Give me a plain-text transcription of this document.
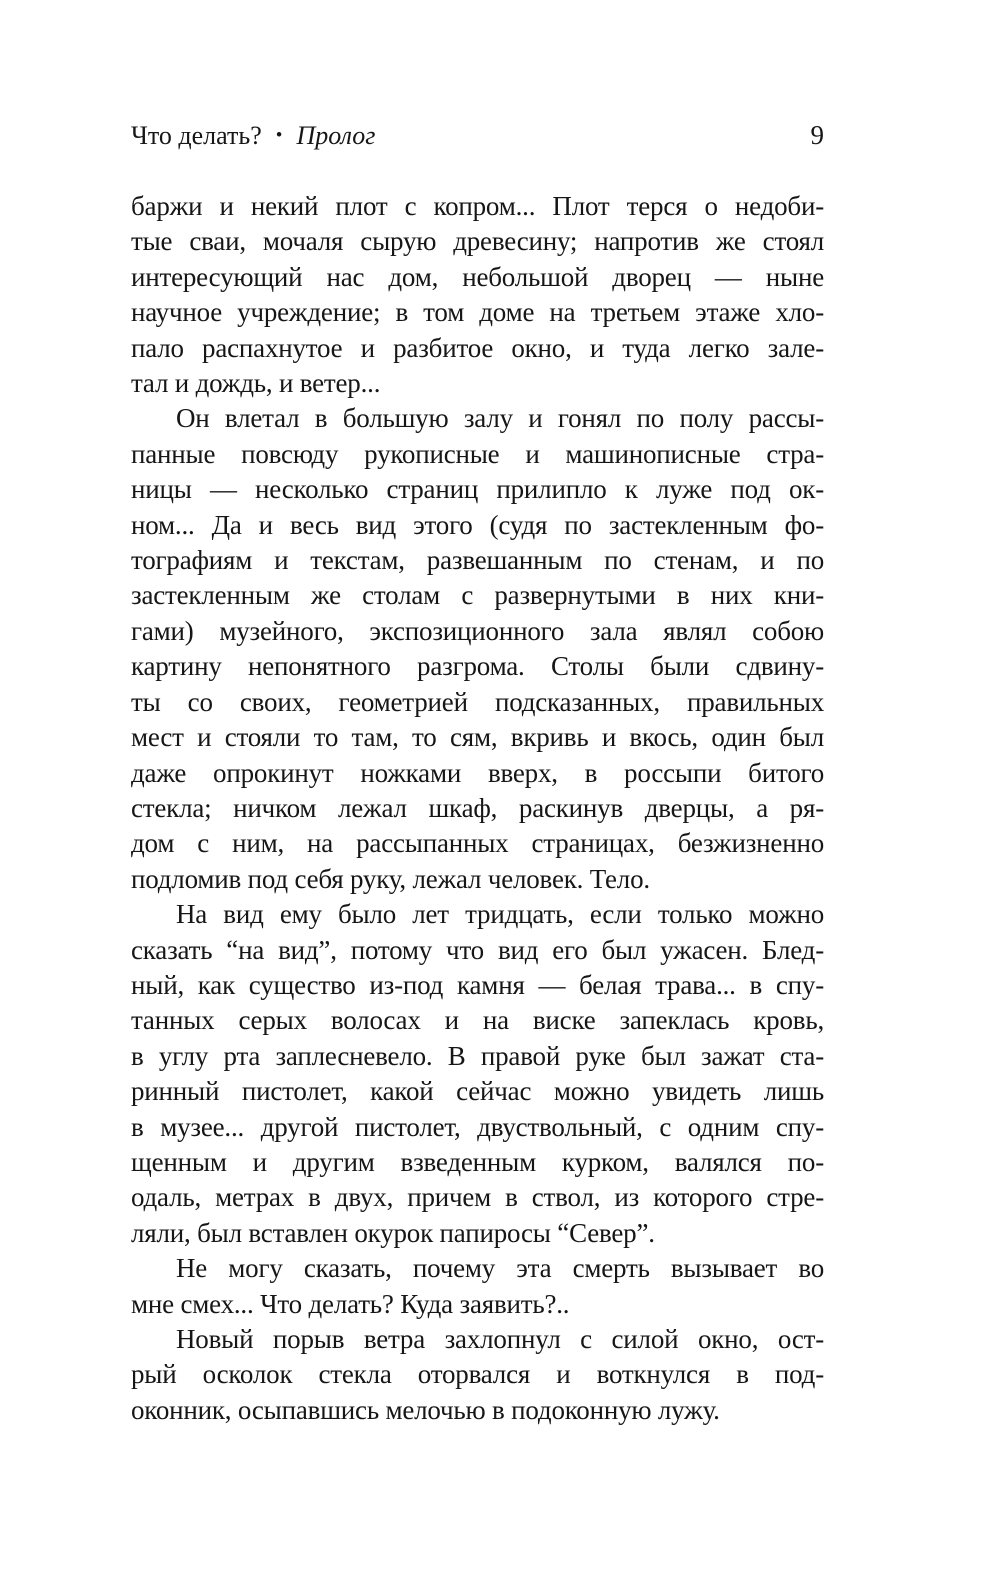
Что делать? • Пролог	9
баржи и некий плот с копром... Плот терся о недоби-
тые сваи, мочаля сырую древесину; напротив же стоял
интересующий нас дом, небольшой дворец — ныне
научное учреждение; в том доме на третьем этаже хло-
пало распахнутое и разбитое окно, и туда легко зале-
тал и дождь, и ветер...
Он влетал в большую залу и гонял по полу рассы-
панные повсюду рукописные и машинописные стра-
ницы — несколько страниц прилипло к луже под ок-
ном... Да и весь вид этого (судя по застекленным фо-
тографиям и текстам, развешанным по стенам, и по
застекленным же столам с развернутыми в них кни-
гами) музейного, экспозиционного зала являл собою
картину непонятного разгрома. Столы были сдвину-
ты со своих, геометрией подсказанных, правильных
мест и стояли то там, то сям, вкривь и вкось, один был
даже опрокинут ножками вверх, в россыпи битого
стекла; ничком лежал шкаф, раскинув дверцы, а ря-
дом с ним, на рассыпанных страницах, безжизненно
подломив под себя руку, лежал человек. Тело.
На вид ему было лет тридцать, если только можно
сказать “на вид”, потому что вид его был ужасен. Блед-
ный, как существо из-под камня — белая трава... в спу-
танных серых волосах и на виске запеклась кровь,
в углу рта заплесневело. В правой руке был зажат ста-
ринный пистолет, какой сейчас можно увидеть лишь
в музее... другой пистолет, двуствольный, с одним спу-
щенным и другим взведенным курком, валялся по-
одаль, метрах в двух, причем в ствол, из которого стре-
ляли, был вставлен окурок папиросы “Север”.
Не могу сказать, почему эта смерть вызывает во
мне смех... Что делать? Куда заявить?..
Новый порыв ветра захлопнул с силой окно, ост-
рый осколок стекла оторвался и воткнулся в под-
оконник, осыпавшись мелочью в подоконную лужу.
